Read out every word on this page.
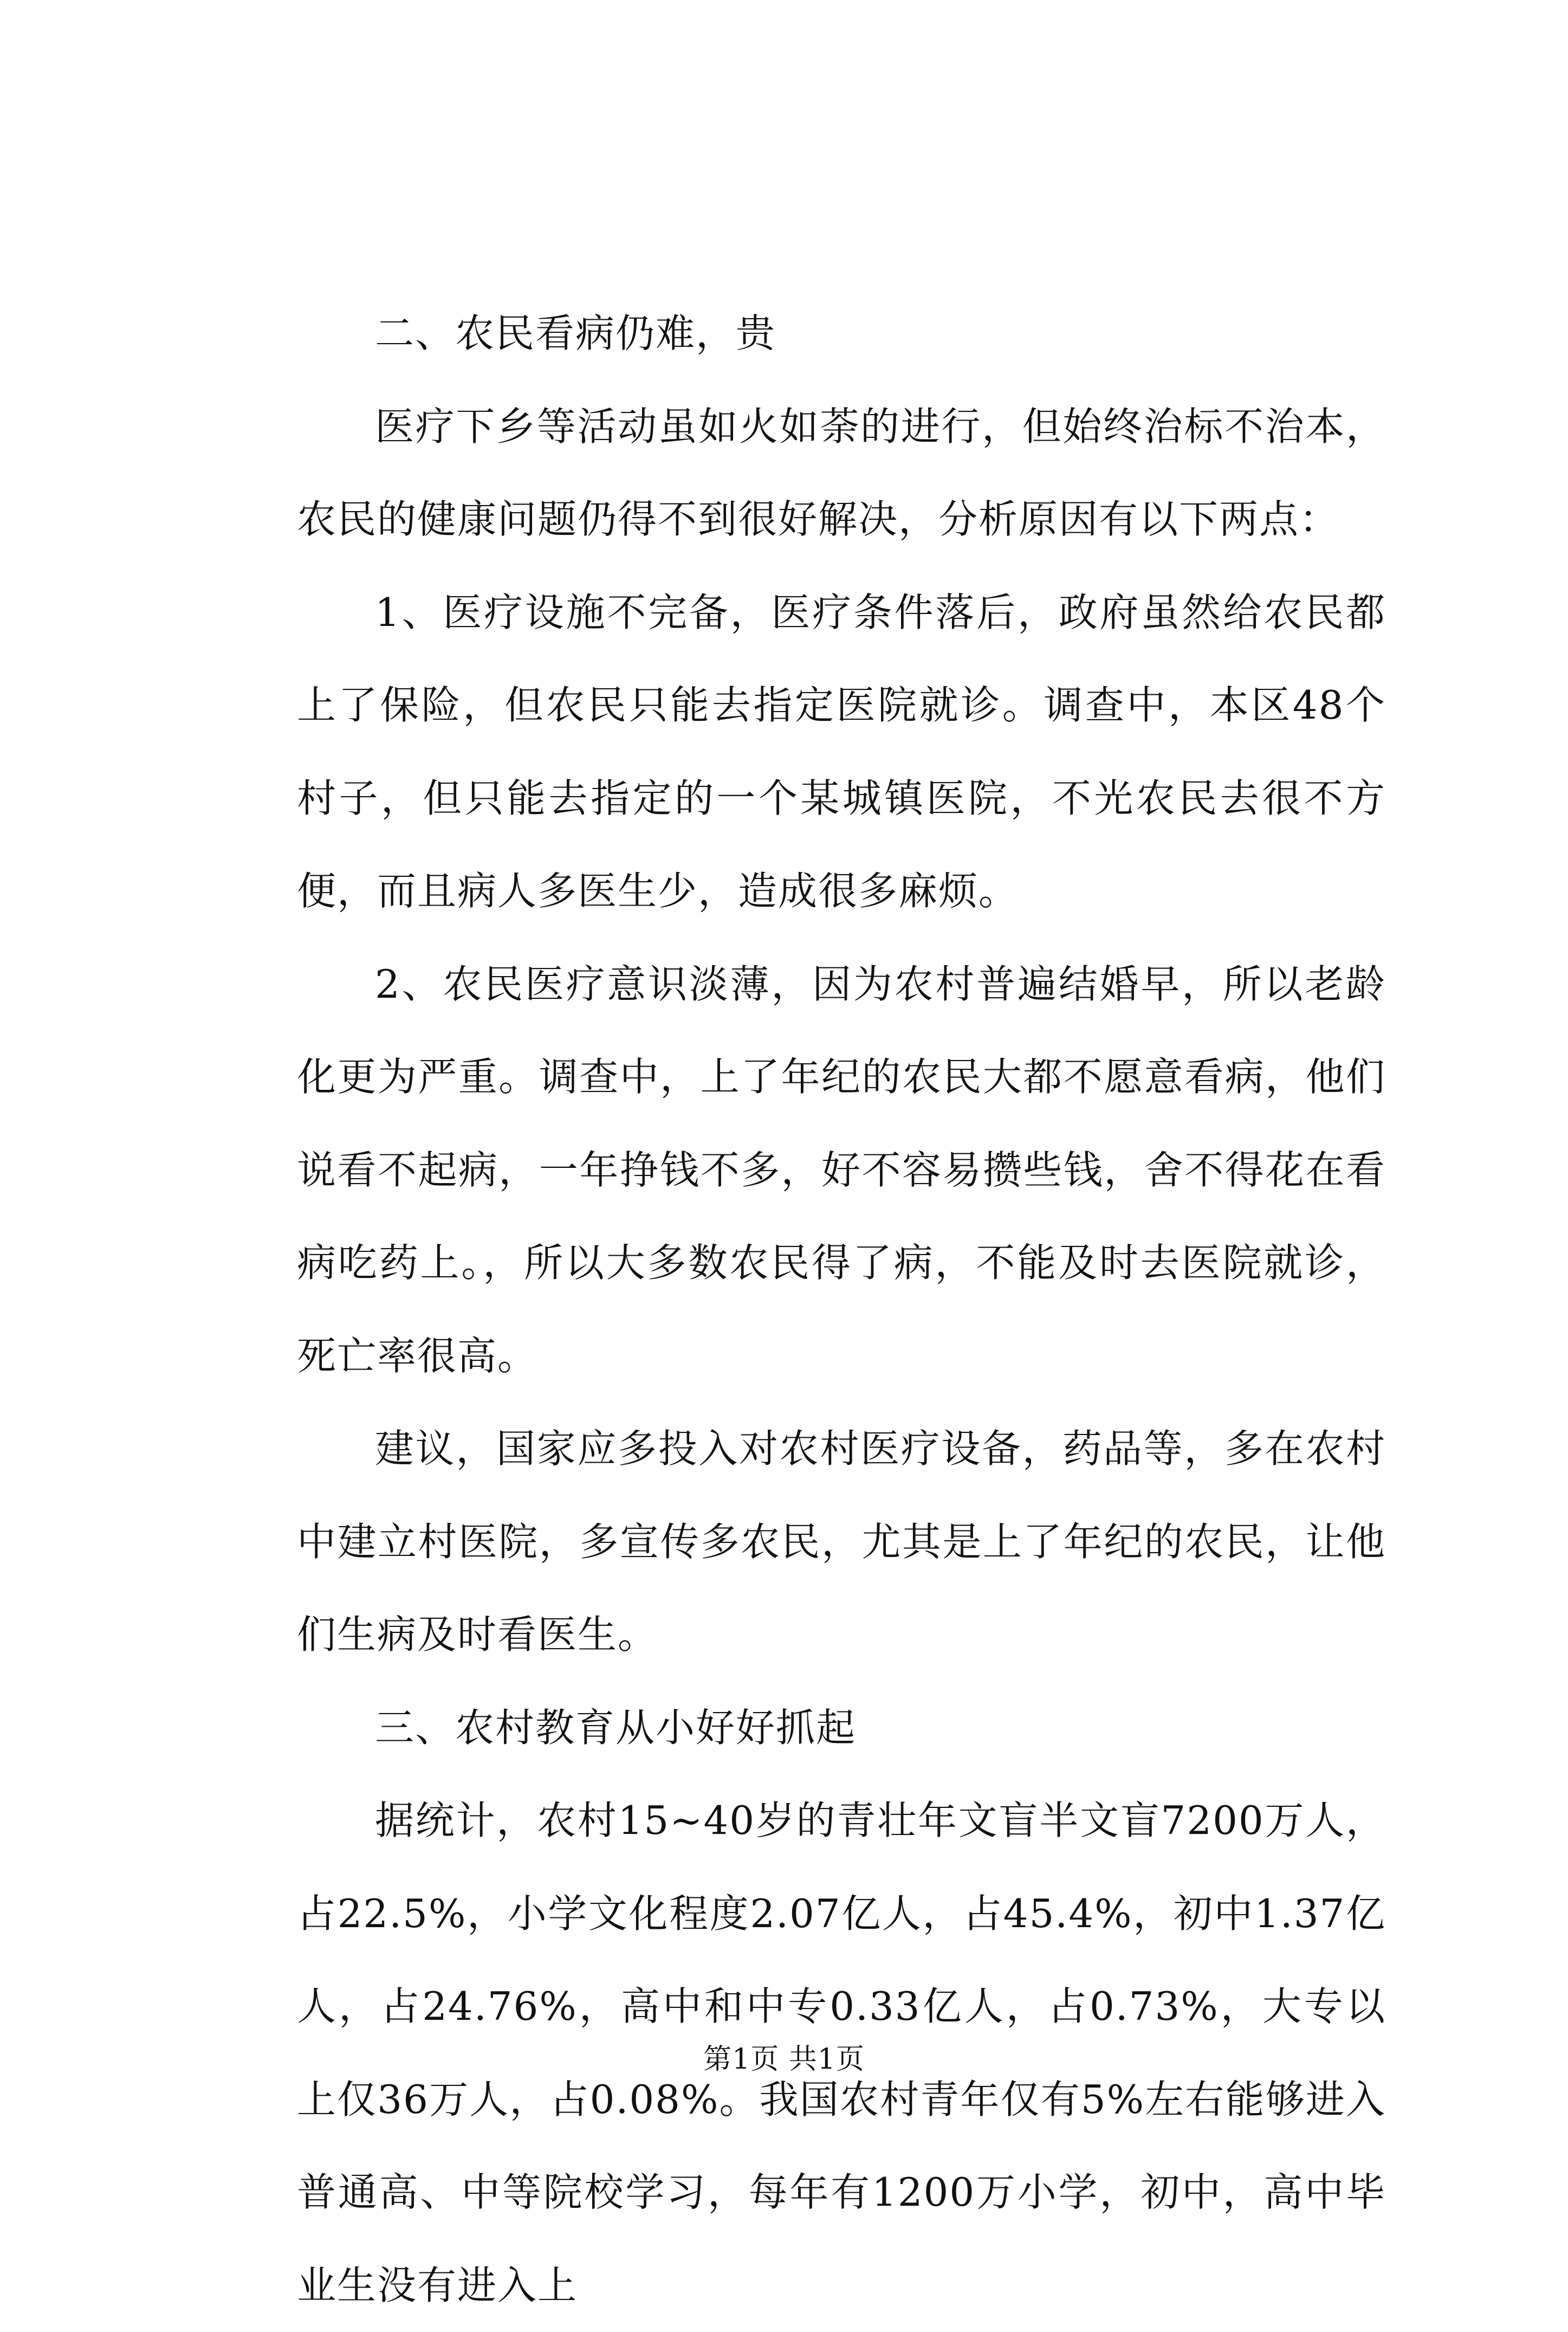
二、农民看病仍难，贵

医疗下乡等活动虽如火如荼的进行，但始终治标不治本，农民的健康问题仍得不到很好解决，分析原因有以下两点：

1、医疗设施不完备，医疗条件落后，政府虽然给农民都上了保险，但农民只能去指定医院就诊。调查中，本区48个村子，但只能去指定的一个某城镇医院，不光农民去很不方便，而且病人多医生少，造成很多麻烦。

2、农民医疗意识淡薄，因为农村普遍结婚早，所以老龄化更为严重。调查中，上了年纪的农民大都不愿意看病，他们说看不起病，一年挣钱不多，好不容易攒些钱，舍不得花在看病吃药上。，所以大多数农民得了病，不能及时去医院就诊，死亡率很高。

建议，国家应多投入对农村医疗设备，药品等，多在农村中建立村医院，多宣传多农民，尤其是上了年纪的农民，让他们生病及时看医生。

三、农村教育从小好好抓起

据统计，农村15~40岁的青壮年文盲半文盲7200万人，占22.5%，小学文化程度2.07亿人，占45.4%，初中1.37亿人，占24.76%，高中和中专0.33亿人，占0.73%，大专以上仅36万人，占0.08%。我国农村青年仅有5%左右能够进入普通高、中等院校学习，每年有1200万小学，初中，高中毕业生没有进入上

第1页 共1页
